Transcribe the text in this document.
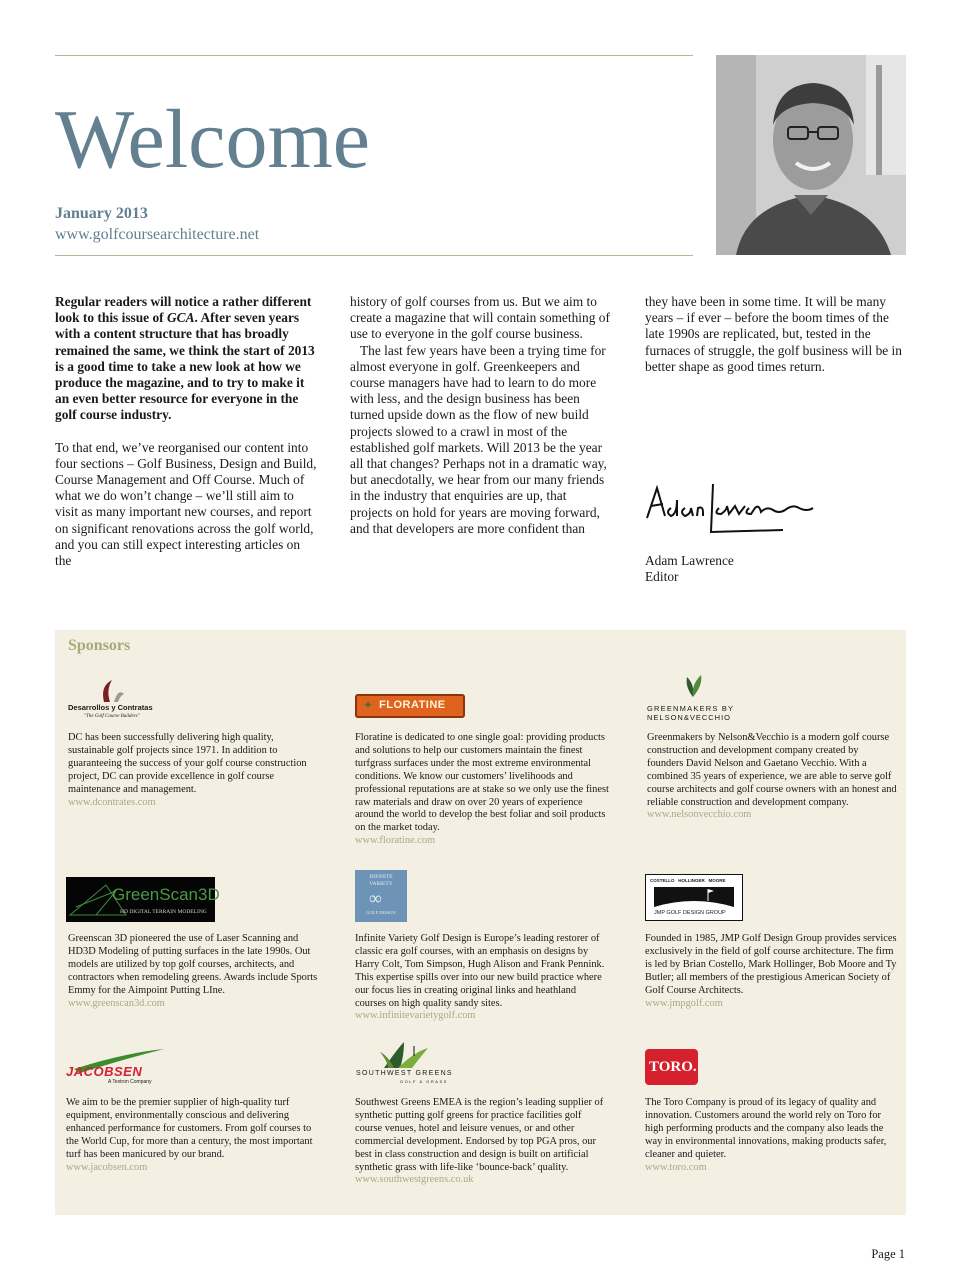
Welcome
January 2013
www.golfcoursearchitecture.net

Regular readers will notice a rather different look to this issue of GCA. After seven years with a content structure that has broadly remained the same, we think the start of 2013 is a good time to take a new look at how we produce the magazine, and to try to make it an even better resource for everyone in the golf course industry.

To that end, we’ve reorganised our content into four sections – Golf Business, Design and Build, Course Management and Off Course. Much of what we do won’t change – we’ll still aim to visit as many important new courses, and report on significant renovations across the golf world, and you can still expect interesting articles on the

history of golf courses from us. But we aim to create a magazine that will contain something of use to everyone in the golf course business.

The last few years have been a trying time for almost everyone in golf. Greenkeepers and course managers have had to learn to do more with less, and the design business has been turned upside down as the flow of new build projects slowed to a crawl in most of the established golf markets. Will 2013 be the year all that changes? Perhaps not in a dramatic way, but anecdotally, we hear from our many friends in the industry that enquiries are up, that projects on hold for years are moving forward, and that developers are more confident than

they have been in some time. It will be many years – if ever – before the boom times of the late 1990s are replicated, but, tested in the furnaces of struggle, the golf business will be in better shape as good times return.

Adam Lawrence
Editor
Sponsors
Desarrollos y Contratas
"The Golf Course Builders"

DC has been successfully delivering high quality, sustainable golf projects since 1971. In addition to guaranteeing the success of your golf course construction project, DC can provide excellence in golf course maintenance and management.

www.dcontrates.com

✦ FLORATINE

Floratine is dedicated to one single goal: providing products and solutions to help our customers maintain the finest turfgrass surfaces under the most extreme environmental conditions. We know our customers’ livelihoods and professional reputations are at stake so we only use the finest raw materials and draw on over 20 years of experience around the world to develop the best foliar and soil products on the market today.

www.floratine.com

GREENMAKERS BY
NELSON&VECCHIO

Greenmakers by Nelson&Vecchio is a modern golf course construction and development company created by founders David Nelson and Gaetano Vecchio. With a combined 35 years of experience, we are able to serve golf course architects and golf course owners with an honest and reliable construction and development company.

www.nelsonvecchio.com

GreenScan3D
HD DIGITAL TERRAIN MODELING

Greenscan 3D pioneered the use of Laser Scanning and HD3D Modeling of putting surfaces in the late 1990s. Out models are utilized by top golf courses, architects, and contractors when remodeling greens. Awards include Sports Emmy for the Aimpoint Putting LIne.

www.greenscan3d.com

INFINITE VARIETY
∞
GOLF DESIGN

Infinite Variety Golf Design is Europe’s leading restorer of classic era golf courses, with an emphasis on designs by Harry Colt, Tom Simpson, Hugh Alison and Frank Pennink. This expertise spills over into our new build practice where our focus lies in creating original links and heathland courses on high quality sandy sites.

www.infinitevarietygolf.com

COSTELLO   HOLLINGER   MOORE
JMP GOLF DESIGN GROUP

Founded in 1985, JMP Golf Design Group provides services exclusively in the field of golf course architecture. The firm is led by Brian Costello, Mark Hollinger, Bob Moore and Ty Butler; all members of the prestigious American Society of Golf Course Architects.

www.jmpgolf.com

JACOBSEN
A Textron Company

We aim to be the premier supplier of high-quality turf equipment, environmentally conscious and delivering enhanced performance for customers. From golf courses to the World Cup, for more than a century, the most important turf has been manicured by our brand.

www.jacobsen.com

SOUTHWEST GREENS
GOLF & GRASS

Southwest Greens EMEA is the region’s leading supplier of synthetic putting golf greens for practice facilities golf course venues, hotel and leisure venues, or and other commercial development. Endorsed by top PGA pros, our best in class construction and design is built on artificial synthetic grass with life-like ‘bounce-back’ quality.

www.southwestgreens.co.uk

TORO.

The Toro Company is proud of its legacy of quality and innovation. Customers around the world rely on Toro for high performing products and the company also leads the way in environmental innovations, making products safer, cleaner and quieter.

www.toro.com

Page 1
